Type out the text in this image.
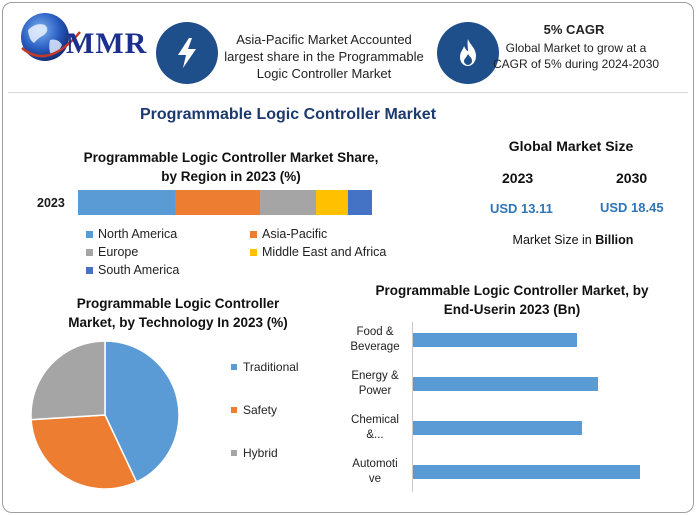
MMR	Asia-Pacific Market Accounted largest share in the Programmable Logic Controller Market
5% CAGR
Global Market to grow at a CAGR of 5% during 2024-2030
Programmable Logic Controller Market
Programmable Logic Controller Market Share, by Region in 2023 (%)
2023
North America	Asia-Pacific
Europe	Middle East and Africa
South America
Global Market Size
2023	2030
USD 13.11	USD 18.45
Market Size in Billion
Programmable Logic Controller Market, by Technology In 2023 (%)
Traditional
Safety
Hybrid
Programmable Logic Controller Market, by End-Userin 2023 (Bn)
Food &
Beverage
Energy &
Power
Chemical
&...
Automoti
ve
